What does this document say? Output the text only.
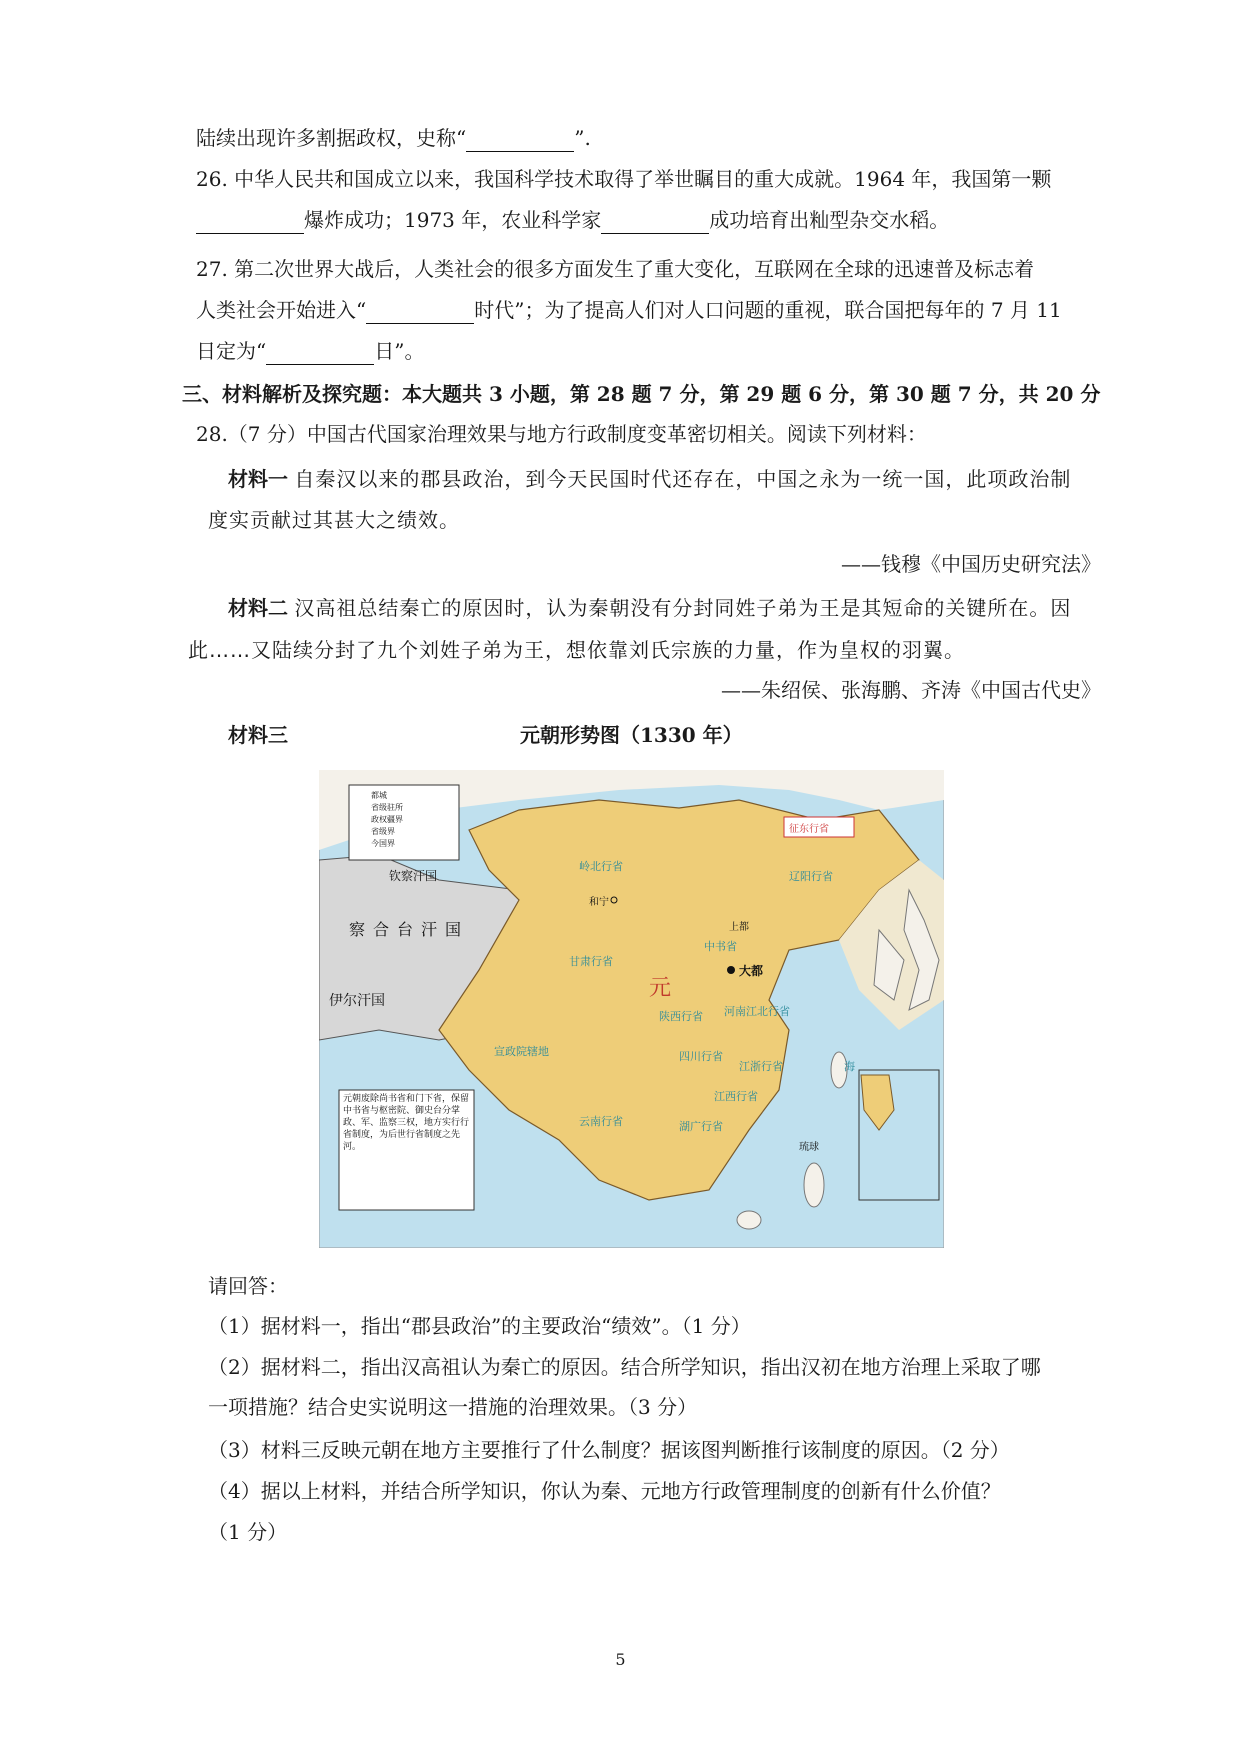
陆续出现许多割据政权，史称“	”.
26. 中华人民共和国成立以来，我国科学技术取得了举世瞩目的重大成就。1964 年，我国第一颗
爆炸成功；1973 年，农业科学家	成功培育出籼型杂交水稻。
27. 第二次世界大战后，人类社会的很多方面发生了重大变化，互联网在全球的迅速普及标志着
人类社会开始进入“	时代”；为了提高人们对人口问题的重视，联合国把每年的 7 月 11
日定为“	日”。
三、材料解析及探究题：本大题共 3 小题，第 28 题 7 分，第 29 题 6 分，第 30 题 7 分，共 20 分
28.（7 分）中国古代国家治理效果与地方行政制度变革密切相关。阅读下列材料：
材料一 自秦汉以来的郡县政治，到今天民国时代还存在，中国之永为一统一国，此项政治制
度实贡献过其甚大之绩效。
——钱穆《中国历史研究法》
材料二 汉高祖总结秦亡的原因时，认为秦朝没有分封同姓子弟为王是其短命的关键所在。因
此……又陆续分封了九个刘姓子弟为王，想依靠刘氏宗族的力量，作为皇权的羽翼。
——朱绍侯、张海鹏、齐涛《中国古代史》
材料三	元朝形势图（1330 年）
都城
省级驻所
政权疆界
省级界
今国界
钦察汗国
察合台汗国
伊尔汗国
和宁
上都
大都
元
岭北行省
辽阳行省
中书省
甘肃行省
陕西行省 河南江北行省
四川行省
宣政院辖地
江浙行省
江西行省
湖广行省
云南行省
海
征东行省
琉球
元朝废除尚书省和门下省，保留中书省与枢密院、御史台分掌政、军、监察三权，地方实行行省制度，为后世行省制度之先河。
请回答：
（1）据材料一，指出“郡县政治”的主要政治“绩效”。（1 分）
（2）据材料二，指出汉高祖认为秦亡的原因。结合所学知识，指出汉初在地方治理上采取了哪
一项措施？结合史实说明这一措施的治理效果。（3 分）
（3）材料三反映元朝在地方主要推行了什么制度？据该图判断推行该制度的原因。（2 分）
（4）据以上材料，并结合所学知识，你认为秦、元地方行政管理制度的创新有什么价值？
（1 分）
5
